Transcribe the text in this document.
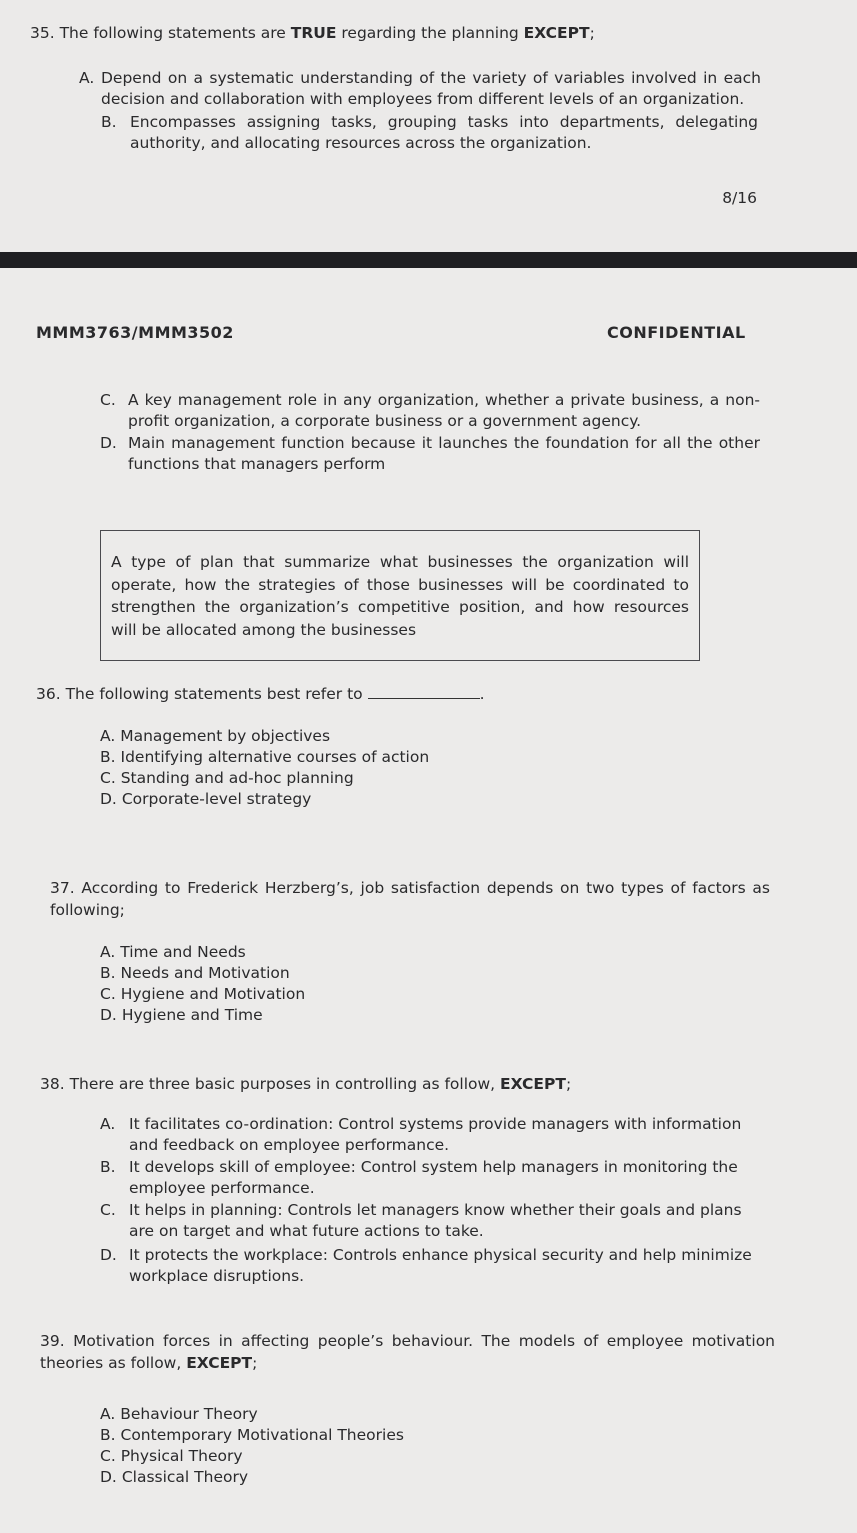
35. The following statements are TRUE regarding the planning EXCEPT;
A. Depend on a systematic understanding of the variety of variables involved in each decision and collaboration with employees from different levels of an organization.
B. Encompasses assigning tasks, grouping tasks into departments, delegating authority, and allocating resources across the organization.
8/16
MMM3763/MMM3502	CONFIDENTIAL
C. A key management role in any organization, whether a private business, a non-profit organization, a corporate business or a government agency.
D. Main management function because it launches the foundation for all the other functions that managers perform
A type of plan that summarize what businesses the organization will operate, how the strategies of those businesses will be coordinated to strengthen the organization’s competitive position, and how resources will be allocated among the businesses
36. The following statements best refer to	.
A. Management by objectives
B. Identifying alternative courses of action
C. Standing and ad-hoc planning
D. Corporate-level strategy
37. According to Frederick Herzberg’s, job satisfaction depends on two types of factors as following;
A. Time and Needs
B. Needs and Motivation
C. Hygiene and Motivation
D. Hygiene and Time
38. There are three basic purposes in controlling as follow, EXCEPT;
A. It facilitates co-ordination: Control systems provide managers with information and feedback on employee performance.
B. It develops skill of employee: Control system help managers in monitoring the employee performance.
C. It helps in planning: Controls let managers know whether their goals and plans are on target and what future actions to take.
D. It protects the workplace: Controls enhance physical security and help minimize workplace disruptions.
39. Motivation forces in affecting people’s behaviour. The models of employee motivation theories as follow, EXCEPT;
A. Behaviour Theory
B. Contemporary Motivational Theories
C. Physical Theory
D. Classical Theory
